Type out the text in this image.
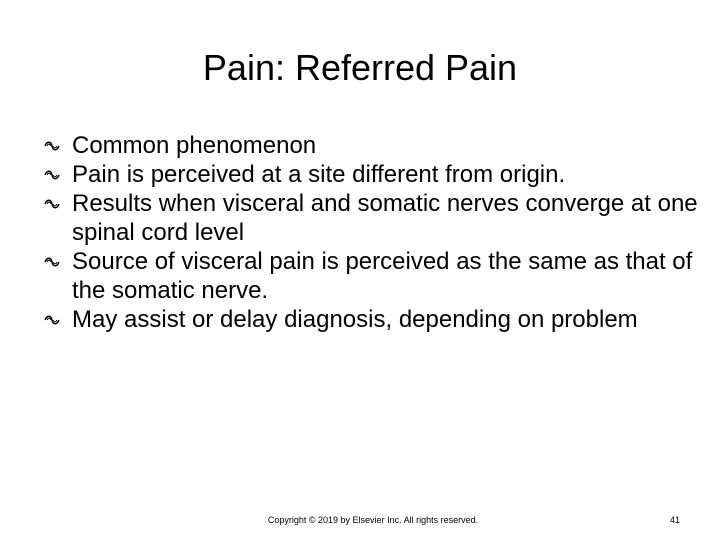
Pain: Referred Pain
Common phenomenon
Pain is perceived at a site different from origin.
Results when visceral and somatic nerves converge at one spinal cord level
Source of visceral pain is perceived as the same as that of the somatic nerve.
May assist or delay diagnosis, depending on problem
Copyright © 2019 by Elsevier Inc. All rights reserved.	41
